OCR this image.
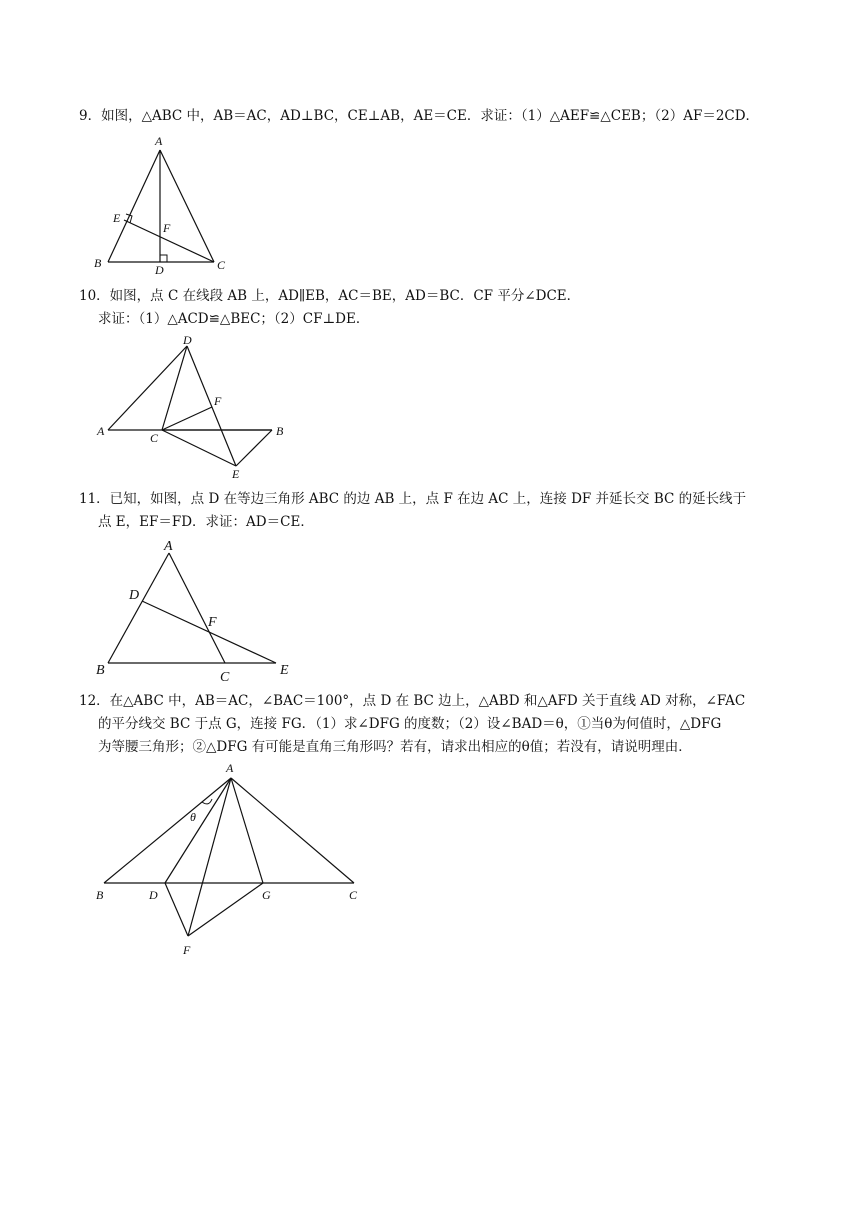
9．如图，△ABC 中，AB＝AC，AD⊥BC，CE⊥AB，AE＝CE．求证：（1）△AEF≌△CEB；（2）AF＝2CD．
A
B	C
D
E
F
10．如图，点 C 在线段 AB 上，AD∥EB，AC＝BE，AD＝BC．CF 平分∠DCE．
求证：（1）△ACD≌△BEC；（2）CF⊥DE．
A	B
C
D
E
F
11．已知，如图，点 D 在等边三角形 ABC 的边 AB 上，点 F 在边 AC 上，连接 DF 并延长交 BC 的延长线于
点 E，EF＝FD．求证：AD＝CE．
A
B	C
D
E
F
12．在△ABC 中，AB＝AC，∠BAC＝100°，点 D 在 BC 边上，△ABD 和△AFD 关于直线 AD 对称，∠FAC
的平分线交 BC 于点 G，连接 FG．（1）求∠DFG 的度数；（2）设∠BAD＝θ，①当θ为何值时，△DFG
为等腰三角形；②△DFG 有可能是直角三角形吗？若有，请求出相应的θ值；若没有，请说明理由．
A
B	C
D
F
G
θ
